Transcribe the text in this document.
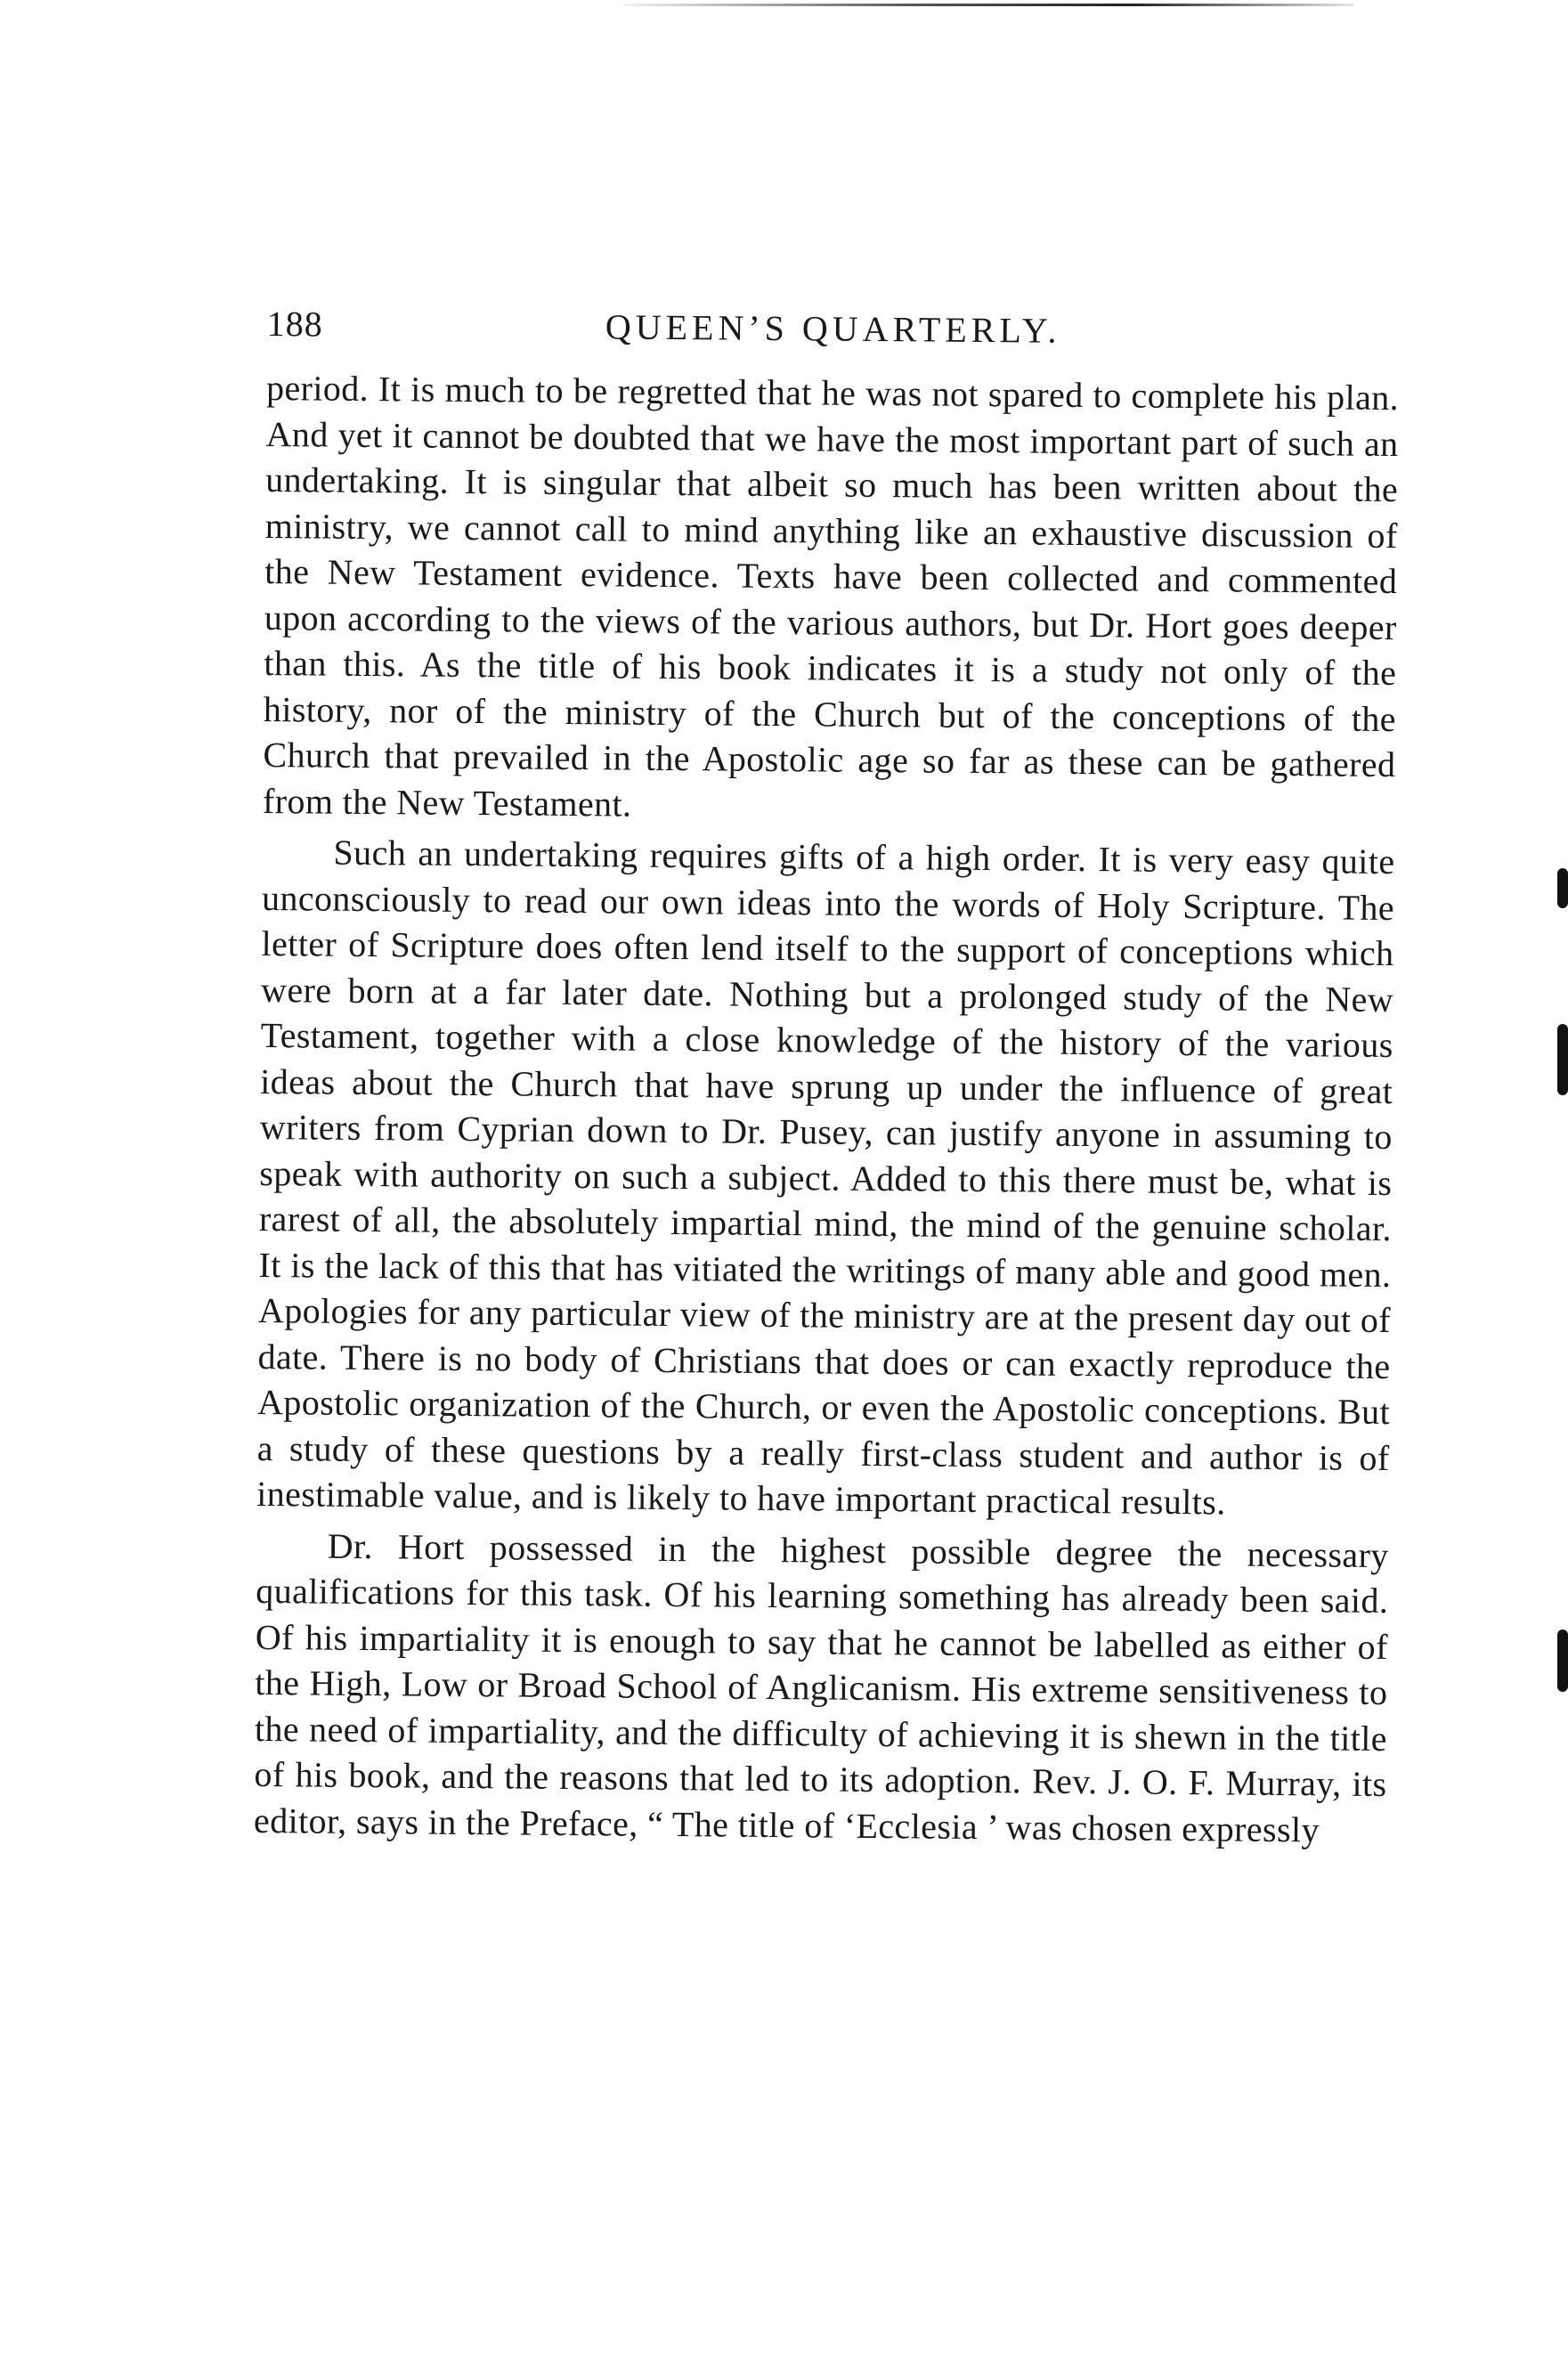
188	QUEEN’S QUARTERLY.

period. It is much to be regretted that he was not spared to complete his plan. And yet it cannot be doubted that we have the most important part of such an undertaking. It is singular that albeit so much has been written about the ministry, we cannot call to mind anything like an exhaustive discussion of the New Testament evidence. Texts have been collected and commented upon according to the views of the various authors, but Dr. Hort goes deeper than this. As the title of his book indicates it is a study not only of the history, nor of the ministry of the Church but of the conceptions of the Church that prevailed in the Apostolic age so far as these can be gathered from the New Testament.

Such an undertaking requires gifts of a high order. It is very easy quite unconsciously to read our own ideas into the words of Holy Scripture. The letter of Scripture does often lend itself to the support of conceptions which were born at a far later date. Nothing but a prolonged study of the New Testament, together with a close knowledge of the history of the various ideas about the Church that have sprung up under the influence of great writers from Cyprian down to Dr. Pusey, can justify anyone in assuming to speak with authority on such a subject. Added to this there must be, what is rarest of all, the absolutely impartial mind, the mind of the genuine scholar. It is the lack of this that has vitiated the writings of many able and good men. Apologies for any particular view of the ministry are at the present day out of date. There is no body of Christians that does or can exactly reproduce the Apostolic organization of the Church, or even the Apostolic conceptions. But a study of these questions by a really first-class student and author is of inestimable value, and is likely to have important practical results.

Dr. Hort possessed in the highest possible degree the necessary qualifications for this task. Of his learning something has already been said. Of his impartiality it is enough to say that he cannot be labelled as either of the High, Low or Broad School of Anglicanism. His extreme sensitiveness to the need of impartiality, and the difficulty of achieving it is shewn in the title of his book, and the reasons that led to its adoption. Rev. J. O. F. Murray, its editor, says in the Preface, “ The title of ‘Ecclesia ’ was chosen expressly
